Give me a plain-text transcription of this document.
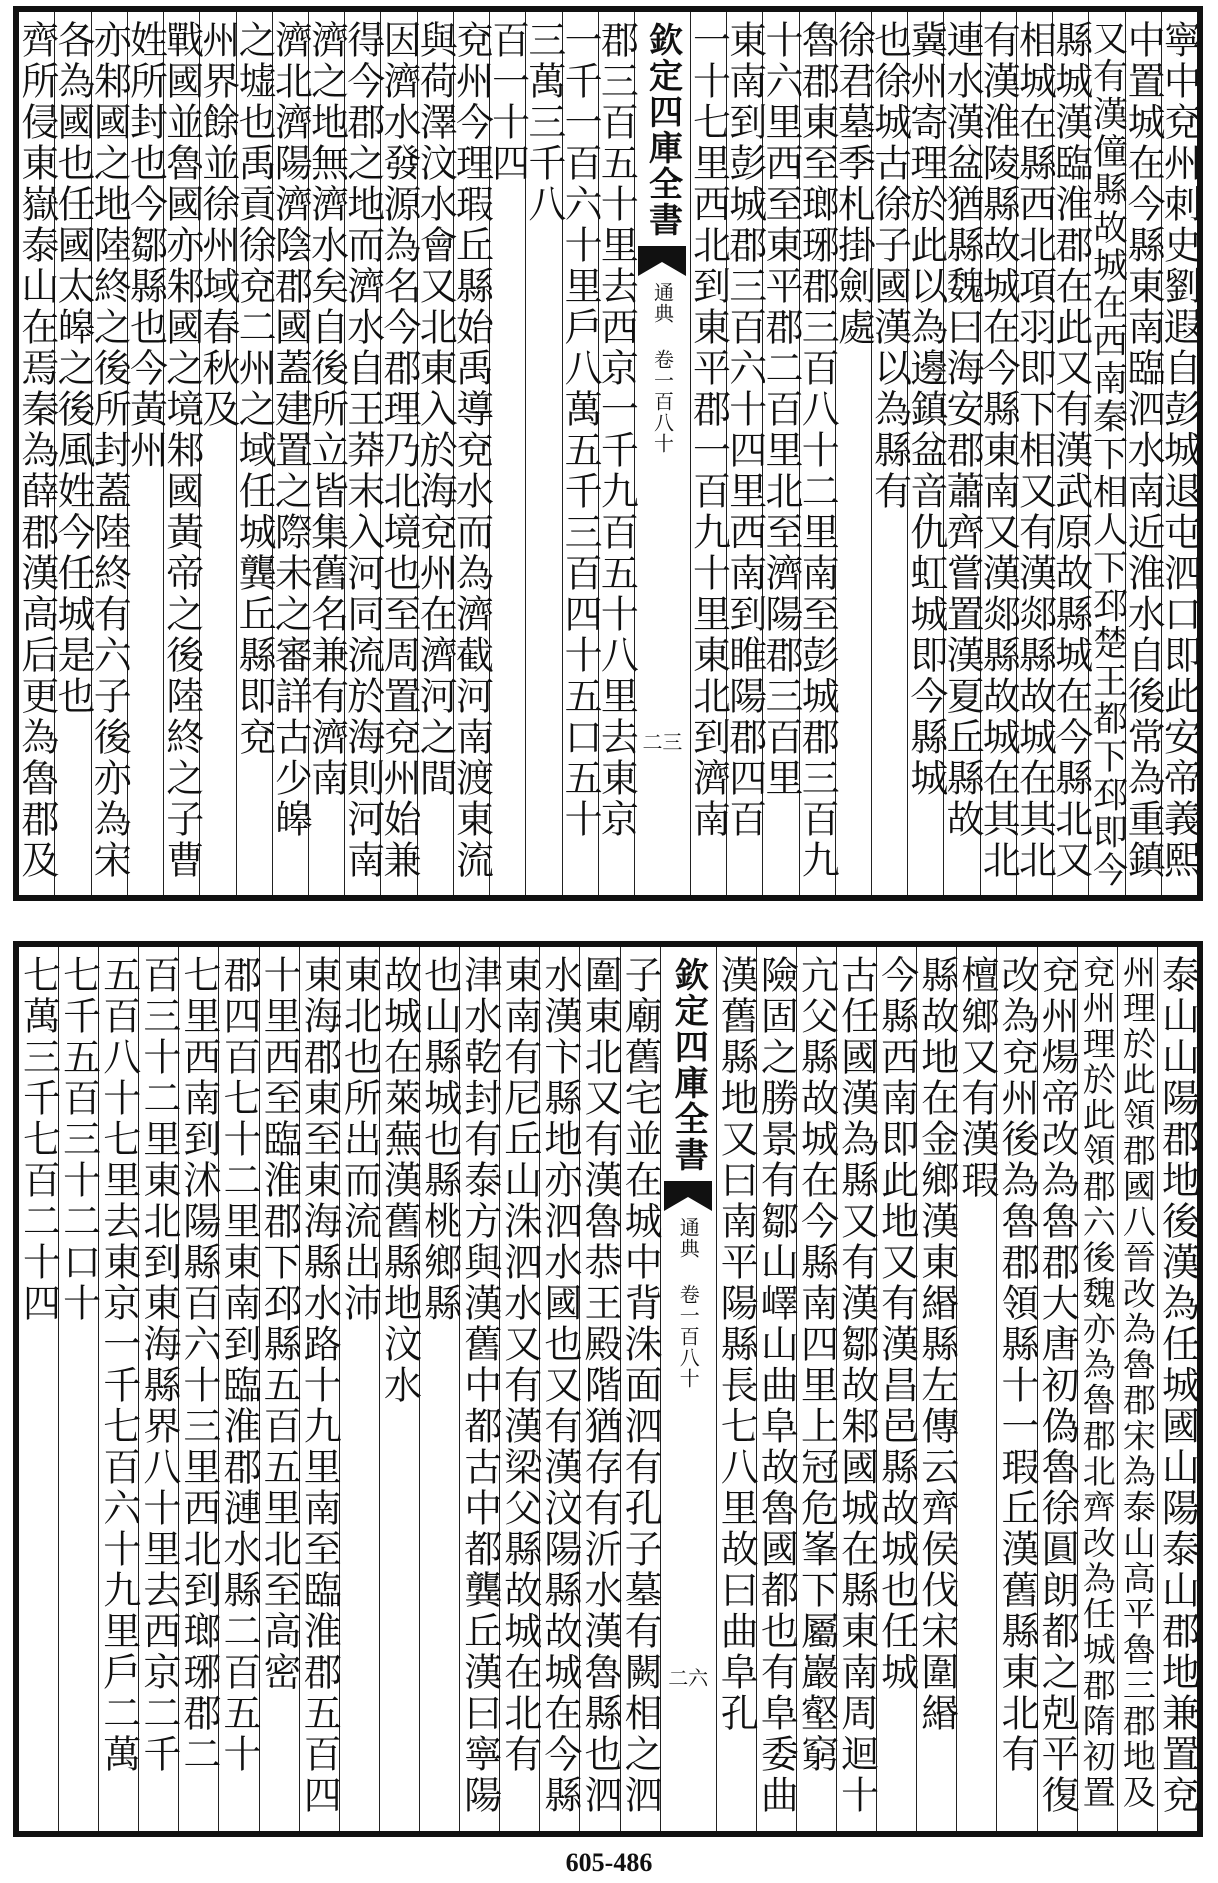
寧中兗州刺史劉遐自彭城退屯泗口即此安帝義熙
中置城在今縣東南臨泗水南近淮水自後常為重鎮
又有漢僮縣故城在西南秦下相人下邳楚王都下邳即今
縣城漢臨淮郡在此又有漢武原故縣城在今縣北又
相城在縣西北項羽即下相又有漢郯縣故城在其北
有漢淮陵縣故城在今縣東南又漢郯縣故城在其北
連水漢盆猶縣魏曰海安郡蕭齊嘗置漢夏丘縣故
冀州寄理於此以為邊鎮盆音仇虹城即今縣城
也徐城古徐子國漢以為縣有
徐君墓季札掛劍處
魯郡東至瑯琊郡三百八十二里南至彭城郡三百九
十六里西至東平郡二百里北至濟陽郡三百里
東南到彭城郡三百六十四里西南到睢陽郡四百
一十七里西北到東平郡一百九十里東北到濟南
欽定四庫全書
通典 卷一百八十
二三
郡三百五十里去西京一千九百五十八里去東京
一千一百六十里戶八萬五千三百四十五口五十
三萬三千八
百一十四
兗州今理瑕丘縣始禹導兗水而為濟截河南渡東流
與荷澤汶水會又北東入於海兗州在濟河之間
因濟水發源為名今郡理乃北境也至周置兗州始兼
得今郡之地而濟水自王莽末入河同流於海則河南
濟之地無濟水矣自後所立皆集舊名兼有濟南
濟北濟陽濟陰郡國蓋建置之際未之審詳古少皞
之墟也禹貢徐兗二州之域任城龔丘縣即兗
州界餘並徐州域春秋及
戰國並魯國亦邾國之境邾國黃帝之後陸終之子曹
姓所封也今鄒縣也今黃州
亦邾國之地陸終之後所封蓋陸終有六子後亦為宋
各為國也任國太皞之後風姓今任城是也
齊所侵東嶽泰山在焉秦為薛郡漢高后更為魯郡及
泰山山陽郡地後漢為任城國山陽泰山郡地兼置兗
州理於此領郡國八晉改為魯郡宋為泰山高平魯三郡地及
兗州理於此領郡六後魏亦為魯郡北齊改為任城郡隋初置
兗州煬帝改為魯郡大唐初偽魯徐圓朗都之剋平復
改為兗州後為魯郡領縣十一瑕丘漢舊縣東北有
檀鄉又有漢瑕
縣故地在金鄉漢東緡縣左傳云齊侯伐宋圍緡
今縣西南即此地又有漢昌邑縣故城也任城
古任國漢為縣又有漢鄒故邾國城在縣東南周迴十
亢父縣故城在今縣南四里上冠危峯下屬巖壑窮
險固之勝景有鄒山嶧山曲阜故魯國都也有阜委曲
漢舊縣地又曰南平陽縣長七八里故曰曲阜孔
欽定四庫全書
通典 卷一百八十
二六
子廟舊宅並在城中背洙面泗有孔子墓有闕相之泗
圍東北又有漢魯恭王殿階猶存有沂水漢魯縣也泗
水漢卞縣地亦泗水國也又有漢汶陽縣故城在今縣
東南有尼丘山洙泗水又有漢梁父縣故城在北有
津水乾封有泰方與漢舊中都古中都龔丘漢曰寧陽
也山縣城也縣桃鄉縣
故城在萊蕪漢舊縣地汶水
東北也所出而流出沛
東海郡東至東海縣水路十九里南至臨淮郡五百四
十里西至臨淮郡下邳縣五百五里北至高密
郡四百七十二里東南到臨淮郡漣水縣二百五十
七里西南到沭陽縣百六十三里西北到瑯琊郡二
百三十二里東北到東海縣界八十里去西京二千
五百八十七里去東京一千七百六十九里戶二萬
七千五百三十二口十
七萬三千七百二十四
605-486
